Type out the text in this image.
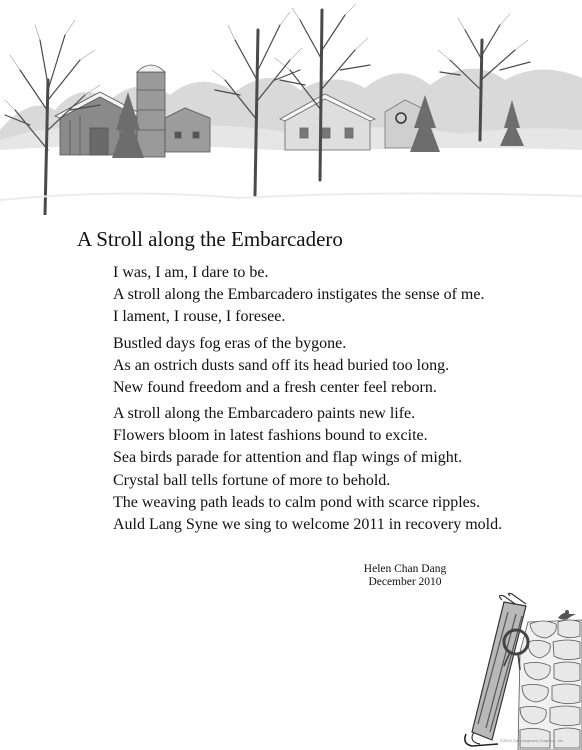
A Stroll along the Embarcadero
I was, I am, I dare to be.
A stroll along the Embarcadero instigates the sense of me.
I lament, I rouse, I foresee.
Bustled days fog eras of the bygone.
As an ostrich dusts sand off its head buried too long.
New found freedom and a fresh center feel reborn.
A stroll along the Embarcadero paints new life.
Flowers bloom in latest fashions bound to excite.
Sea birds parade for attention and flap wings of might.
Crystal ball tells fortune of more to behold.
The weaving path leads to calm pond with scarce ripples.
Auld Lang Syne we sing to welcome 2011 in recovery mold.
Helen Chan Dang
December 2010
©2010 Cartoongrams Graphics, Inc.
